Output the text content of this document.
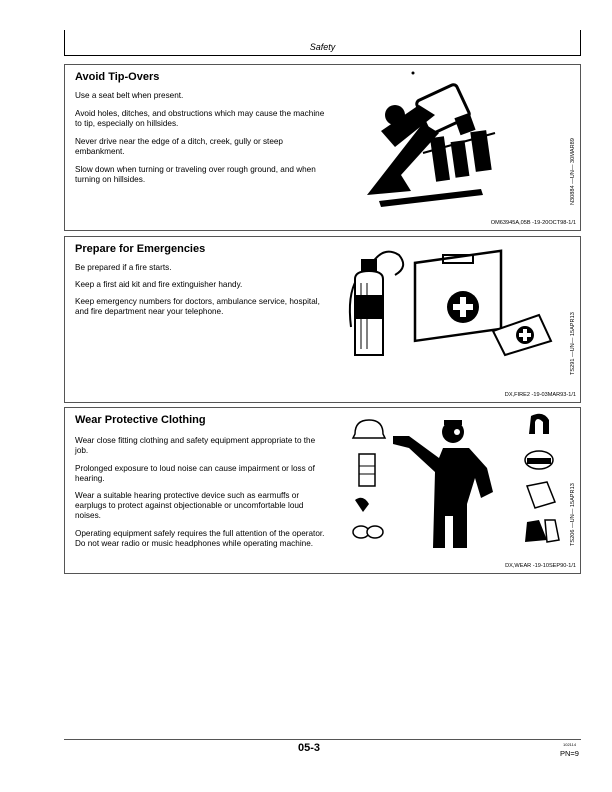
Safety
Avoid Tip-Overs
Use a seat belt when present.
Avoid holes, ditches, and obstructions which may cause the machine to tip, especially on hillsides.
Never drive near the edge of a ditch, creek, gully or steep embankment.
Slow down when turning or traveling over rough ground, and when turning on hillsides.	N30884 —UN— 30MAR89
OM63945A,05B -19-20OCT98-1/1
Prepare for Emergencies
Be prepared if a fire starts.
Keep a first aid kit and fire extinguisher handy.
Keep emergency numbers for doctors, ambulance service, hospital, and fire department near your telephone.
TS291 —UN— 15APR13
DX,FIRE2 -19-03MAR93-1/1
Wear Protective Clothing
Wear close fitting clothing and safety equipment appropriate to the job.
Prolonged exposure to loud noise can cause impairment or loss of hearing.
Wear a suitable hearing protective device such as earmuffs or earplugs to protect against objectionable or uncomfortable loud noises.
Operating equipment safely requires the full attention of the operator. Do not wear radio or music headphones while operating machine.	TS206 —UN— 15APR13
DX,WEAR -19-10SEP90-1/1
05-3	102114
PN=9
